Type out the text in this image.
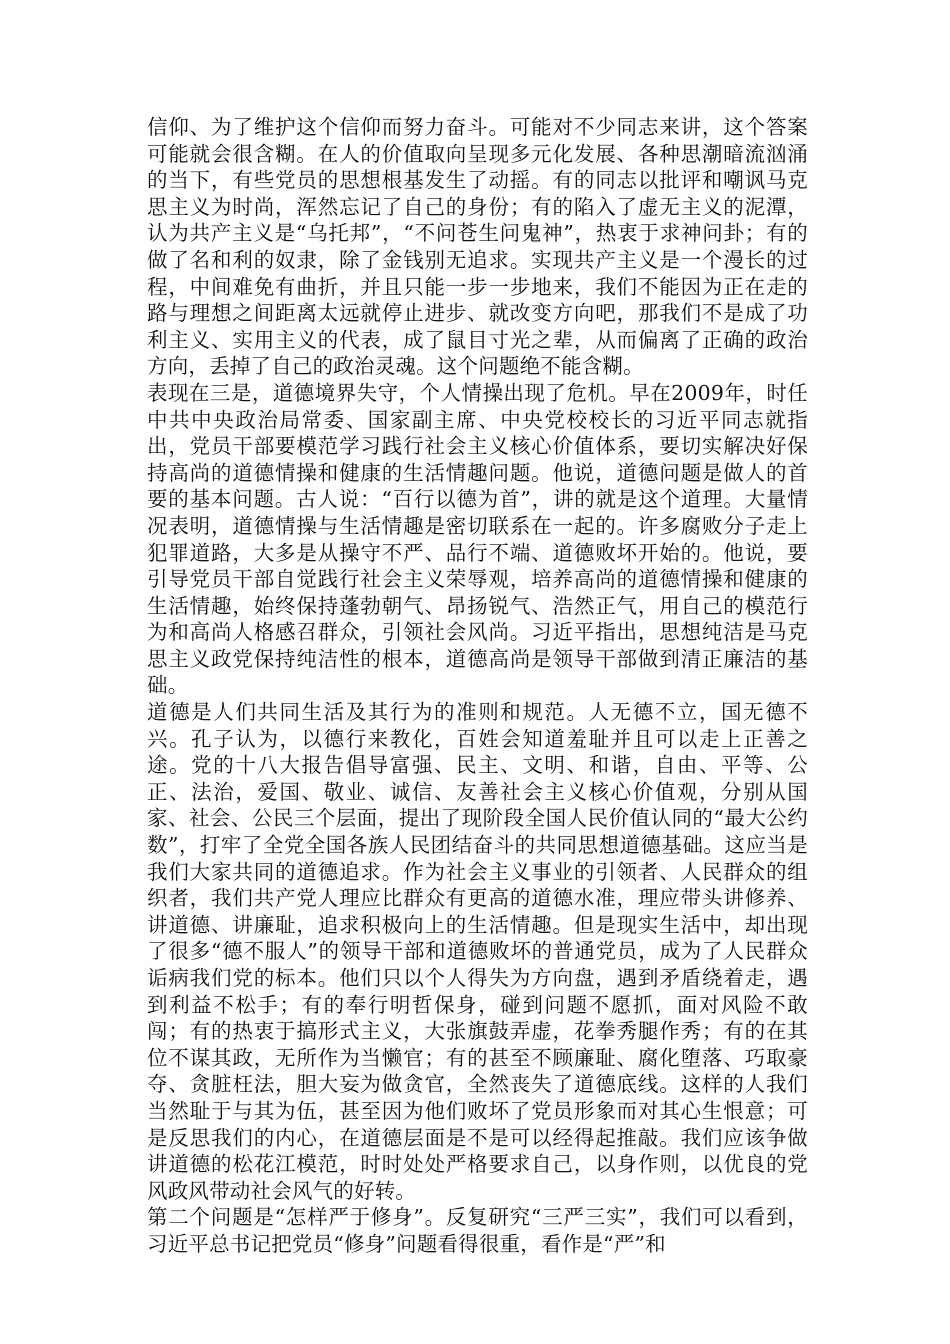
信仰、为了维护这个信仰而努力奋斗。可能对不少同志来讲，这个答案可能就会很含糊。在人的价值取向呈现多元化发展、各种思潮暗流汹涌的当下，有些党员的思想根基发生了动摇。有的同志以批评和嘲讽马克思主义为时尚，浑然忘记了自己的身份；有的陷入了虚无主义的泥潭，认为共产主义是“乌托邦”，“不问苍生问鬼神”，热衷于求神问卦；有的做了名和利的奴隶，除了金钱别无追求。实现共产主义是一个漫长的过程，中间难免有曲折，并且只能一步一步地来，我们不能因为正在走的路与理想之间距离太远就停止进步、就改变方向吧，那我们不是成了功利主义、实用主义的代表，成了鼠目寸光之辈，从而偏离了正确的政治方向，丢掉了自己的政治灵魂。这个问题绝不能含糊。

表现在三是，道德境界失守，个人情操出现了危机。早在2009年，时任中共中央政治局常委、国家副主席、中央党校校长的习近平同志就指出，党员干部要模范学习践行社会主义核心价值体系，要切实解决好保持高尚的道德情操和健康的生活情趣问题。他说，道德问题是做人的首要的基本问题。古人说：“百行以德为首”，讲的就是这个道理。大量情况表明，道德情操与生活情趣是密切联系在一起的。许多腐败分子走上犯罪道路，大多是从操守不严、品行不端、道德败坏开始的。他说，要引导党员干部自觉践行社会主义荣辱观，培养高尚的道德情操和健康的生活情趣，始终保持蓬勃朝气、昂扬锐气、浩然正气，用自己的模范行为和高尚人格感召群众，引领社会风尚。习近平指出，思想纯洁是马克思主义政党保持纯洁性的根本，道德高尚是领导干部做到清正廉洁的基础。

道德是人们共同生活及其行为的准则和规范。人无德不立，国无德不兴。孔子认为，以德行来教化，百姓会知道羞耻并且可以走上正善之途。党的十八大报告倡导富强、民主、文明、和谐，自由、平等、公正、法治，爱国、敬业、诚信、友善社会主义核心价值观，分别从国家、社会、公民三个层面，提出了现阶段全国人民价值认同的“最大公约数”，打牢了全党全国各族人民团结奋斗的共同思想道德基础。这应当是我们大家共同的道德追求。作为社会主义事业的引领者、人民群众的组织者，我们共产党人理应比群众有更高的道德水准，理应带头讲修养、讲道德、讲廉耻，追求积极向上的生活情趣。但是现实生活中，却出现了很多“德不服人”的领导干部和道德败坏的普通党员，成为了人民群众诟病我们党的标本。他们只以个人得失为方向盘，遇到矛盾绕着走，遇到利益不松手；有的奉行明哲保身，碰到问题不愿抓，面对风险不敢闯；有的热衷于搞形式主义，大张旗鼓弄虚，花拳秀腿作秀；有的在其位不谋其政，无所作为当懒官；有的甚至不顾廉耻、腐化堕落、巧取豪夺、贪脏枉法，胆大妄为做贪官，全然丧失了道德底线。这样的人我们当然耻于与其为伍，甚至因为他们败坏了党员形象而对其心生恨意；可是反思我们的内心，在道德层面是不是可以经得起推敲。我们应该争做讲道德的松花江模范，时时处处严格要求自己，以身作则，以优良的党风政风带动社会风气的好转。

第二个问题是“怎样严于修身”。反复研究“三严三实”，我们可以看到，习近平总书记把党员“修身”问题看得很重，看作是“严”和
